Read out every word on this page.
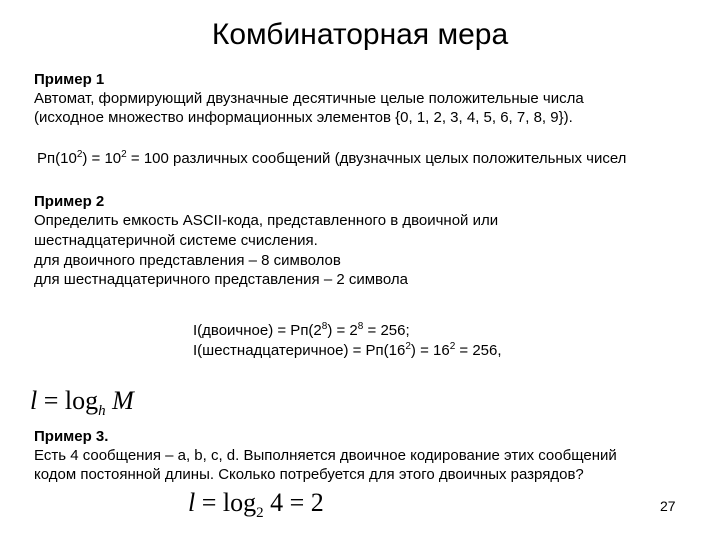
Комбинаторная мера
Пример 1
Автомат, формирующий двузначные десятичные целые положительные числа
(исходное множество информационных элементов {0, 1, 2, 3, 4, 5, 6, 7, 8, 9}).
$Рп(10^2) = 10^2 = 100$ различных сообщений (двузначных целых положительных чисел
Пример 2
Определить емкость ASCII-кода, представленного в двоичной или
шестнадцатеричной системе счисления.
для двоичного представления – 8 символов
для шестнадцатеричного представления – 2 символа
I(двоичное) = $Рп(2^8) = 2^8 = 256$;
I(шестнадцатеричное) = $Рп(16^2) = 16^2 = 256$,
$l = \log_h M$
Пример 3.
Есть 4 сообщения – a, b, c, d. Выполняется двоичное кодирование этих сообщений
кодом постоянной длины. Сколько потребуется для этого двоичных разрядов?
$l = \log_2 4 = 2$	27
